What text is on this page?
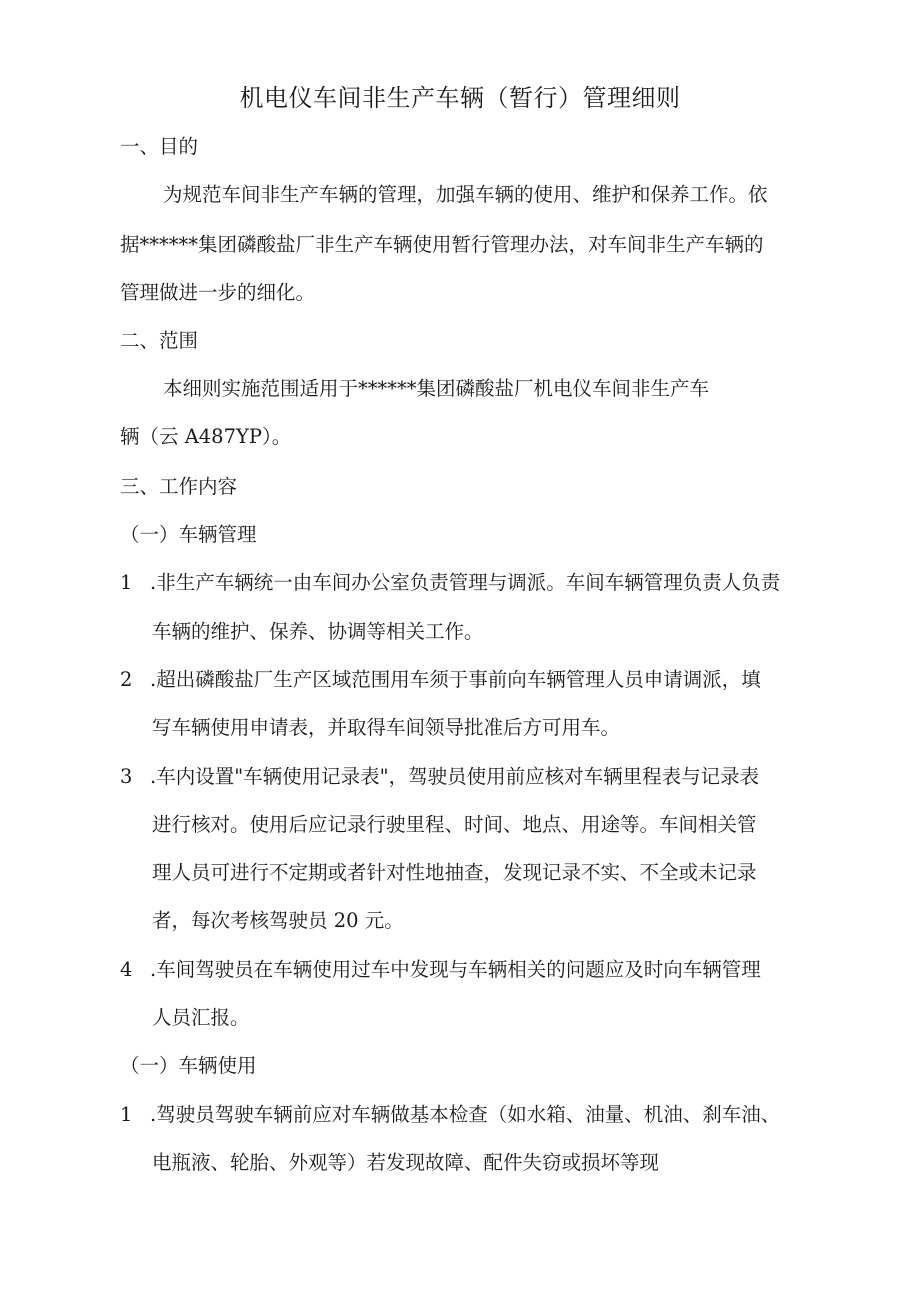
机电仪车间非生产车辆（暂行）管理细则
一、目的
为规范车间非生产车辆的管理，加强车辆的使用、维护和保养工作。依
据******集团磷酸盐厂非生产车辆使用暂行管理办法，对车间非生产车辆的
管理做进一步的细化。
二、范围
本细则实施范围适用于******集团磷酸盐厂机电仪车间非生产车
辆（云 A487YP）。
三、工作内容
（一）车辆管理
1 .非生产车辆统一由车间办公室负责管理与调派。车间车辆管理负责人负责
车辆的维护、保养、协调等相关工作。
2 .超出磷酸盐厂生产区域范围用车须于事前向车辆管理人员申请调派，填
写车辆使用申请表，并取得车间领导批准后方可用车。
3 .车内设置"车辆使用记录表"，驾驶员使用前应核对车辆里程表与记录表
进行核对。使用后应记录行驶里程、时间、地点、用途等。车间相关管
理人员可进行不定期或者针对性地抽查，发现记录不实、不全或未记录
者，每次考核驾驶员 20 元。
4 .车间驾驶员在车辆使用过车中发现与车辆相关的问题应及时向车辆管理
人员汇报。
（一）车辆使用
1 .驾驶员驾驶车辆前应对车辆做基本检查（如水箱、油量、机油、刹车油、
电瓶液、轮胎、外观等）若发现故障、配件失窃或损坏等现
